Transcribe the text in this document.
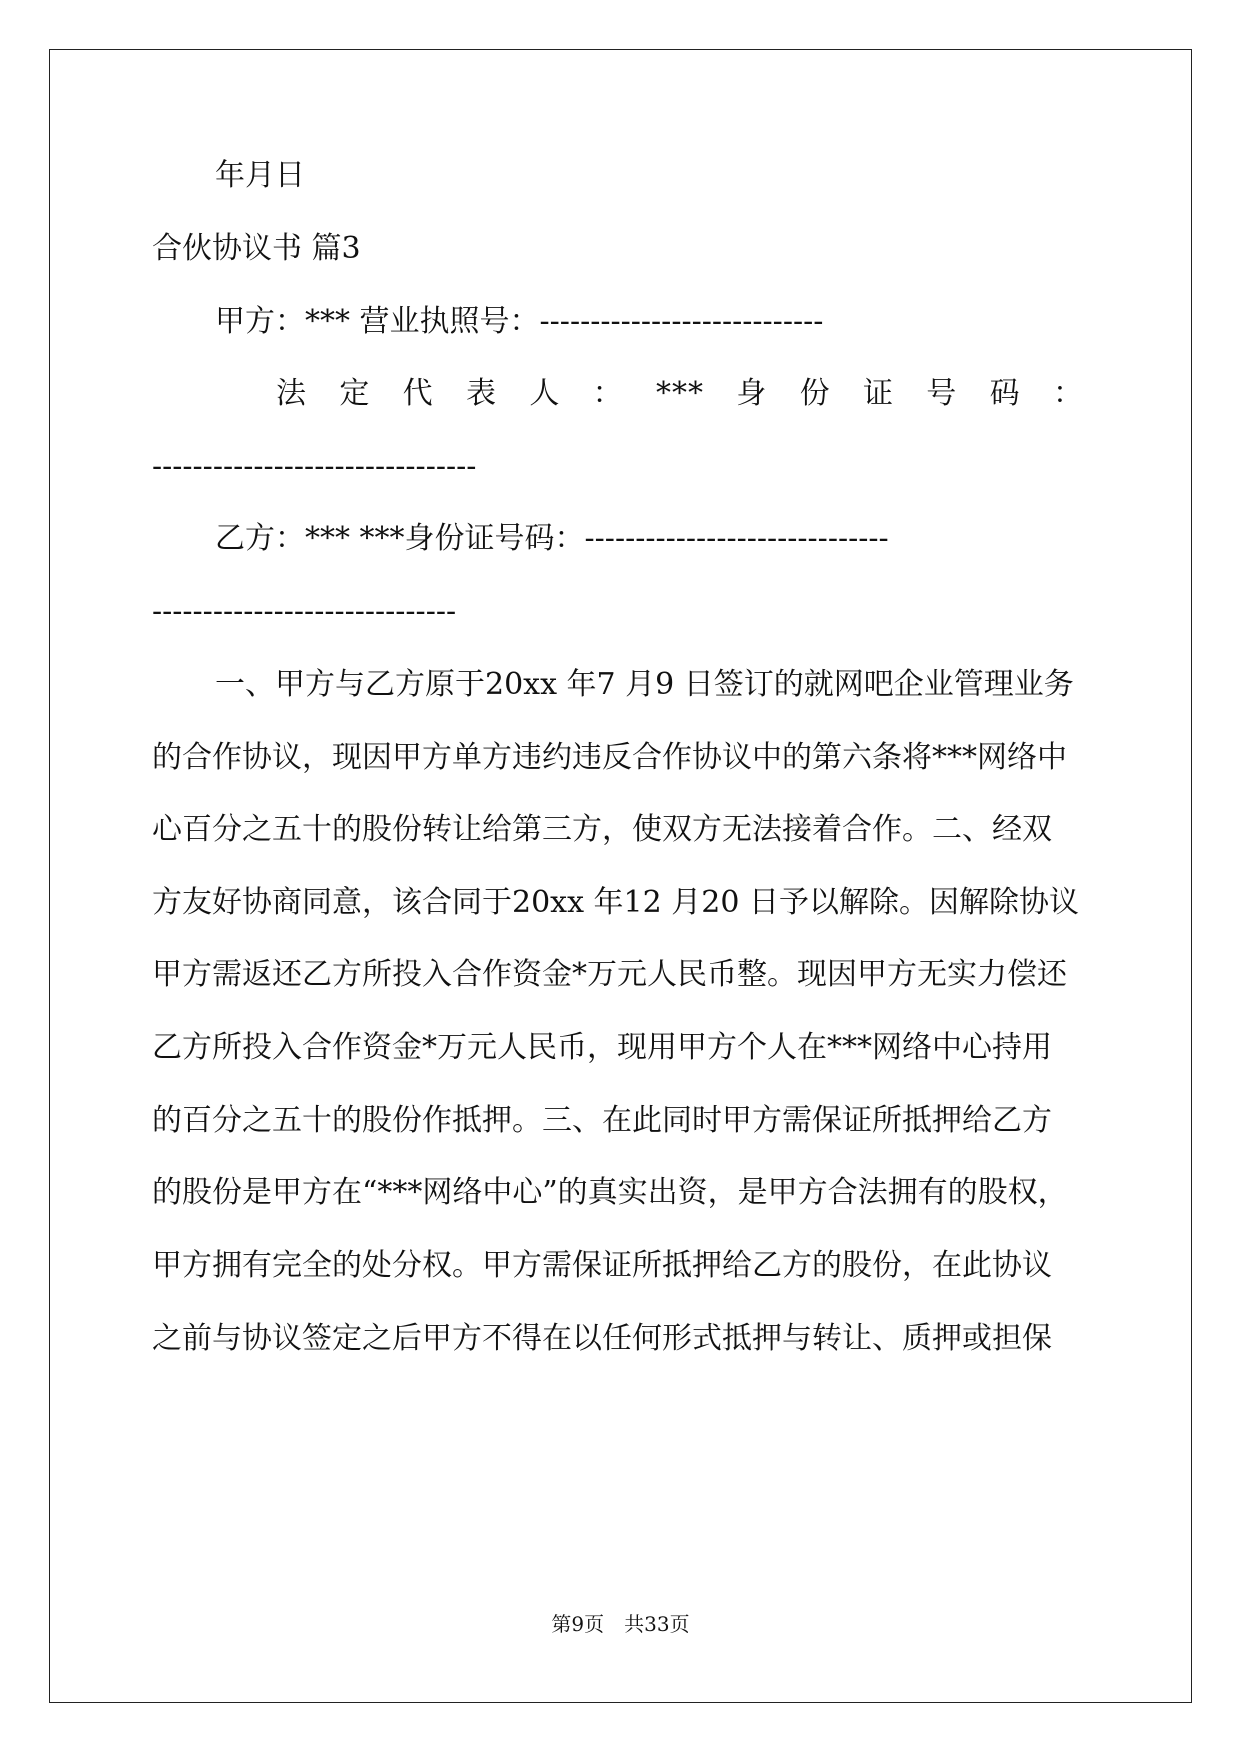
年月日
合伙协议书 篇3
甲方：*** 营业执照号：----------------------------
法 定 代 表 人 ： *** 身 份 证 号 码 ：
--------------------------------
乙方：*** ***身份证号码：------------------------------
------------------------------
一、甲方与乙方原于20xx 年7 月9 日签订的就网吧企业管理业务
的合作协议，现因甲方单方违约违反合作协议中的第六条将***网络中
心百分之五十的股份转让给第三方，使双方无法接着合作。二、经双
方友好协商同意，该合同于20xx 年12 月20 日予以解除。因解除协议
甲方需返还乙方所投入合作资金*万元人民币整。现因甲方无实力偿还
乙方所投入合作资金*万元人民币，现用甲方个人在***网络中心持用
的百分之五十的股份作抵押。三、在此同时甲方需保证所抵押给乙方
的股份是甲方在“***网络中心”的真实出资，是甲方合法拥有的股权，
甲方拥有完全的处分权。甲方需保证所抵押给乙方的股份，在此协议
之前与协议签定之后甲方不得在以任何形式抵押与转让、质押或担保
第9页　共33页
